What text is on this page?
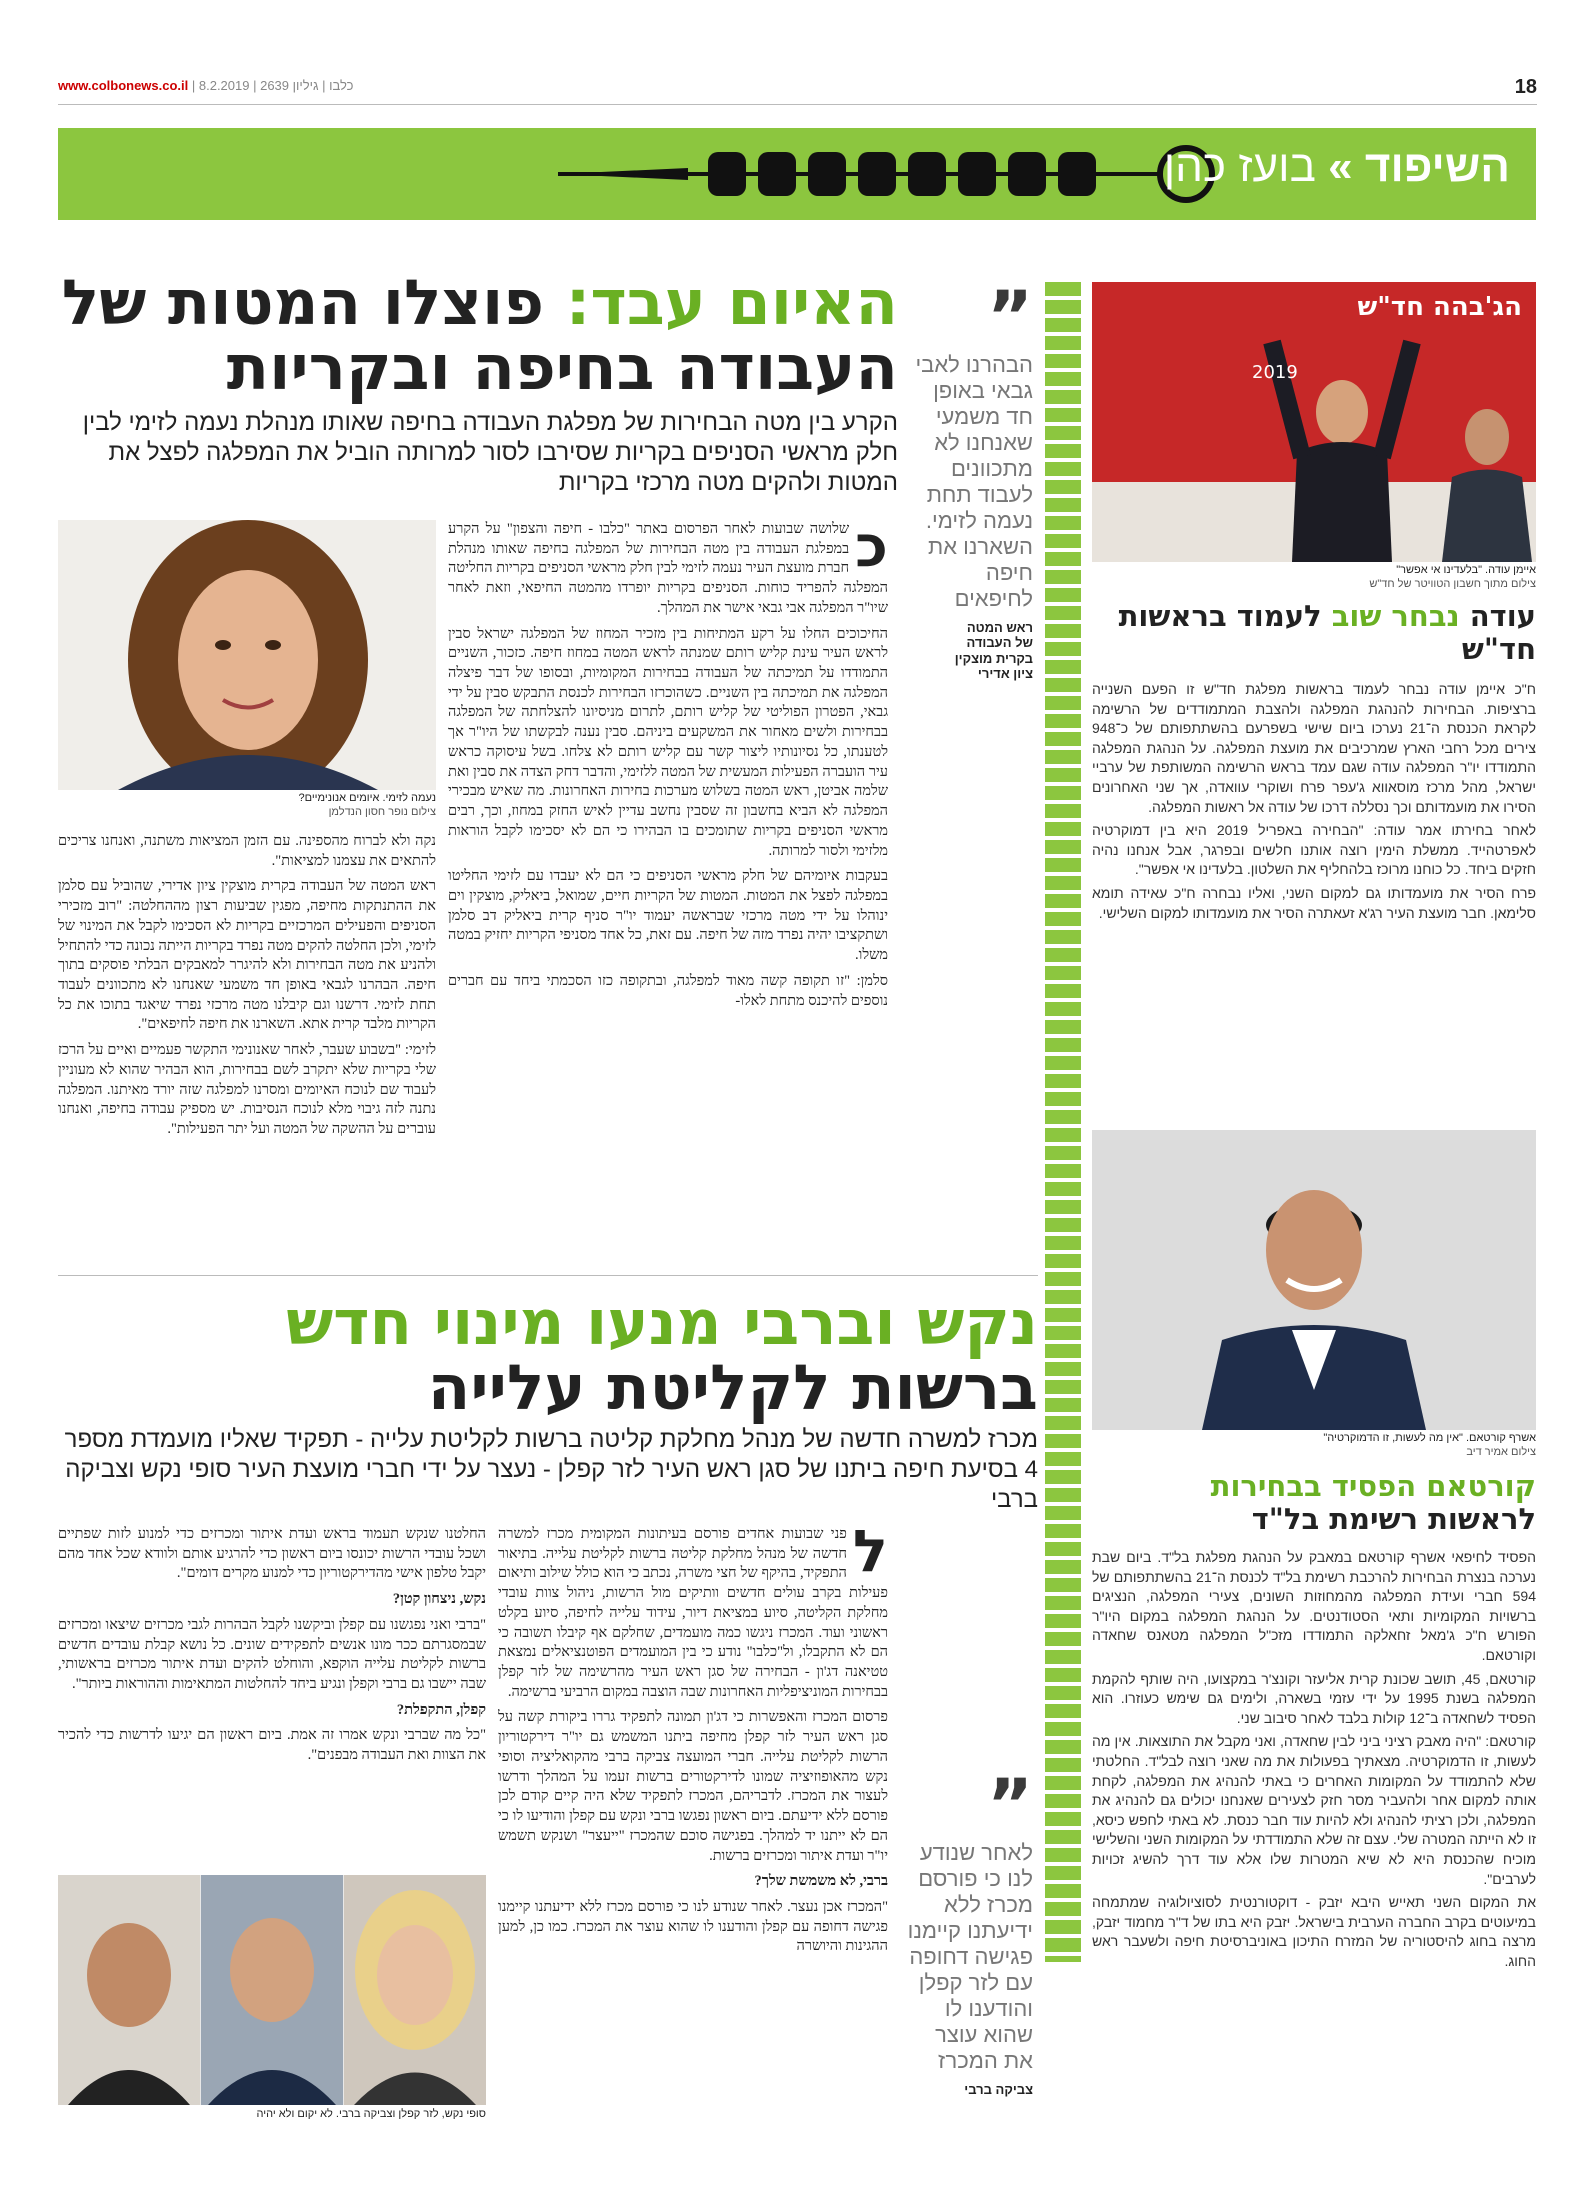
www.colbonews.co.il |	כלבו | גיליון 2639 | 8.2.2019	18
השיפוד » בועז כהן
האיום עבד: פוצלו המטות של העבודה בחיפה ובקריות
הקרע בין מטה הבחירות של מפלגת העבודה בחיפה שאותו מנהלת נעמה לזימי לבין חלק מראשי הסניפים בקריות שסירבו לסור למרותה הוביל את המפלגה לפצל את המטות ולהקים מטה מרכזי בקריות
”
הבהרנו לאבי גבאי באופן חד משמעי שאנחנו לא מתכוונים לעבוד תחת נעמה לזימי. השארנו את חיפה לחיפאים
ראש המטה
של העבודה
בקרית מוצקין
ציון אדירי
כ

שלושה שבועות לאחר הפרסום באתר "כלבו - חיפה והצפון" על הקרע במפלגת העבודה בין מטה הבחירות של המפלגה בחיפה שאותו מנהלת חברת מועצת העיר נעמה לזימי לבין חלק מראשי הסניפים בקריות החליטה המפלגה להפריד כוחות. הסניפים בקריות יופרדו מהמטה החיפאי, וזאת לאחר שיו"ר המפלגה אבי גבאי אישר את המהלך.

החיכוכים החלו על רקע המתיחות בין מזכיר המחוז של המפלגה ישראל סבין לראש העיר עינת קליש רותם שמנתה לראש המטה במחוז חיפה. כזכור, השניים התמודדו על תמיכתה של העבודה בבחירות המקומיות, ובסופו של דבר פיצלה המפלגה את תמיכתה בין השניים. כשהוכרזו הבחירות לכנסת התבקש סבין על ידי גבאי, הפטרון הפוליטי של קליש רותם, לתרום מניסיונו להצלחתה של המפלגה בבחירות ולשים מאחור את המשקעים ביניהם. סבין נענה לבקשתו של היו"ר אך לטענתו, כל נסיונותיו ליצור קשר עם קליש רותם לא צלחו. בשל עיסוקה כראש עיר הועברה הפעילות המעשית של המטה ללזימי, והדבר דחק הצדה את סבין ואת שלמה אביטן, ראש המטה בשלוש מערכות בחירות האחרונות. מה שאיש מבכירי המפלגה לא הביא בחשבון זה שסבין נחשב עדיין לאיש החזק במחוז, וכך, רבים מראשי הסניפים בקריות שתומכים בו הבהירו כי הם לא יסכימו לקבל הוראות מלזימי ולסור למרותה.

בעקבות איומיהם של חלק מראשי הסניפים כי הם לא יעבדו עם לזימי החליטו במפלגה לפצל את המטות. המטות של הקריות חיים, שמואל, ביאליק, מוצקין וים ינוהלו על ידי מטה מרכזי שבראשה יעמוד יו"ר סניף קרית ביאליק דב סלמן ושתקציבו יהיה נפרד מזה של חיפה. עם זאת, כל אחד מסניפי הקריות יחזיק במטה משלו.

סלמן: "זו תקופה קשה מאוד למפלגה, ובתקופה כזו הסכמתי ביחד עם חברים נוספים להיכנס מתחת לאלו-

נעמה לזימי. איומים אנונימיים?
צילום נופר חסון הנדלמן

נקה ולא לברוח מהספינה. עם הזמן המציאות משתנה, ואנחנו צריכים להתאים את עצמנו למציאות".

ראש המטה של העבודה בקרית מוצקין ציון אדירי, שהוביל עם סלמן את ההתנתקות מחיפה, מפגין שביעות רצון מההחלטה: "רוב מזכירי הסניפים והפעילים המרכזיים בקריות לא הסכימו לקבל את המינוי של לזימי, ולכן החלטה להקים מטה נפרד בקריות הייתה נכונה כדי להתחיל ולהניע את מטה הבחירות ולא להיגרר למאבקים הבלתי פוסקים בתוך חיפה. הבהרנו לגבאי באופן חד משמעי שאנחנו לא מתכוונים לעבוד תחת לזימי. דרשנו וגם קיבלנו מטה מרכזי נפרד שיאגד בתוכו את כל הקריות מלבד קרית אתא. השארנו את חיפה לחיפאים".

לזימי: "בשבוע שעבר, לאחר שאנונימי התקשר פעמיים ואיים על הרכז שלי בקריות שלא יתקרב לשם בבחירות, הוא הבהיר שהוא לא מעוניין לעבוד שם לנוכח האיומים ומסרנו למפלגה שזה יורד מאיתנו. המפלגה נתנה לזה גיבוי מלא לנוכח הנסיבות. יש מספיק עבודה בחיפה, ואנחנו עוברים על ההשקה של המטה ועל יתר הפעילות".

נקש וברבי מנעו מינוי חדש
ברשות לקליטת עלייה
מכרז למשרה חדשה של מנהל מחלקת קליטה ברשות לקליטת עלייה - תפקיד שאליו מועמדת מספר 4 בסיעת חיפה ביתנו של סגן ראש העיר לזר קפלן - נעצר על ידי חברי מועצת העיר סופי נקש וצביקה ברבי
ל

פני שבועות אחדים פורסם בעיתונות המקומית מכרז למשרה חדשה של מנהל מחלקת קליטה ברשות לקליטת עלייה. בתיאור התפקיד, בהיקף של חצי משרה, נכתב כי הוא כולל שילוב ותיאום פעילות בקרב עולים חדשים וותיקים מול הרשות, ניהול צוות עובדי מחלקת הקליטה, סיוע במציאת דיור, עידוד עלייה לחיפה, סיוע בקלט ראשוני ועוד. המכרז ניגשו כמה מועמדים, שחלקם אף קיבלו תשובה כי הם לא התקבלו, ול"כלבו" נודע כי בין המועמדים הפוטנציאלים נמצאת טטיאנה דג'ון - הבחירה של סגן ראש העיר מהרשימה של לזר קפלן בבחירות המוניציפליות האחרונות שבה הוצבה במקום הרביעי ברשימה.

פרסום המכרז והאפשרות כי דג'ון תמונה לתפקיד גררו ביקורת קשה על סגן ראש העיר לזר קפלן מחיפה ביתנו המשמש גם יו"ר דירקטוריון הרשות לקליטת עלייה. חברי המועצה צביקה ברבי מהקואליציה וסופי נקש מהאופוזיציה שמונו לדירקטורים ברשות זעמו על המהלך ודרשו לעצור את המכרז. לדבריהם, המכרז לתפקיד שלא היה קיים קודם לכן פורסם ללא ידיעתם. ביום ראשון נפגשו ברבי ונקש עם קפלן והודיעו לו כי הם לא ייתנו יד למהלך. בפגישה סוכם שהמכרז "ייעצר" ושנקש תשמש יו"ר ועדת איתור ומכרזים ברשות.

ברבי, לא משמשת שלך?

"המכרז אכן נעצר. לאחר שנודע לנו כי פורסם מכרז ללא ידיעתנו קיימנו פגישה דחופה עם קפלן והודענו לו שהוא עוצר את המכרז. כמו כן, למען ההגינות והיושרה

החלטנו שנקש תעמוד בראש ועדת איתור ומכרזים כדי למנוע לזות שפתיים ושכל עובדי הרשות יכונסו ביום ראשון כדי להרגיע אותם ולוודא שכל אחד מהם יקבל טלפון אישי מהדירקטוריון כדי למנוע מקרים דומים".

נקש, ניצחון קטן?

"ברבי ואני נפגשנו עם קפלן וביקשנו לקבל הבהרות לגבי מכרזים שיצאו ומכרזים שבמסגרתם ככר מונו אנשים לתפקידים שונים. כל נושא קבלת עובדים חדשים ברשות לקליטת עלייה הוקפא, והוחלט להקים ועדת איתור מכרזים בראשותי, שבה יישבו גם ברבי וקפלן ונגיע ביחד להחלטות המתאימות וההוראות ביותר".

קפלן, התקפלת?

"כל מה שברבי ונקש אמרו זה אמת. ביום ראשון הם יגיעו לדרשות כדי להכיר את הצוות ואת העבודה מבפנים".

סופי נקש, לזר קפלן וצביקה ברבי. לא יקום ולא יהיה
”
לאחר שנודע לנו כי פורסם מכרז ללא ידיעתנו קיימנו פגישה דחופה עם לזר קפלן והודענו לו שהוא עוצר את המכרז
צביקה ברבי
הג'בהה חד"ש
2019
איימן עודה. "בלעדינו אי אפשר"
צילום מתוך חשבון הטוויטר של חד"ש
עודה נבחר שוב לעמוד בראשות חד"ש

ח"כ איימן עודה נבחר לעמוד בראשות מפלגת חד"ש זו הפעם השנייה ברציפות. הבחירות להנהגת המפלגה ולהצבת המתמודדים של הרשימה לקראת הכנסת ה־21 נערכו ביום שישי בשפרעם בהשתתפותם של כ־948 צירים מכל רחבי הארץ שמרכיבים את מועצת המפלגה. על הנהגת המפלגה התמודדו יו"ר המפלגה עודה שגם עמד בראש הרשימה המשותפת של ערביי ישראל, מהל מרכז מוסאווא ג'עפר פרח ושוקרי עוואדה, אך שני האחרונים הסירו את מועמדותם וכך נסללה דרכו של עודה אל ראשות המפלגה.

לאחר בחירתו אמר עודה: "הבחירה באפריל 2019 היא בין דמוקרטיה לאפרטהייד. ממשלת הימין רוצה אותנו חלשים ובפרגר, אבל אנחנו נהיה חזקים ביחד. כל כוחנו מרוכז בלהחליף את השלטון. בלעדינו אי אפשר".

פרח הסיר את מועמדותו גם למקום השני, ואליו נבחרה ח"כ עאידה תומא סלימאן. חבר מועצת העיר רג'א זעאתרה הסיר את מועמדותו למקום השלישי.

אשרף קורטאם. "אין מה לעשות, זו הדמוקרטיה"
צילום אמיר דיב
קורטאם הפסיד בבחירות
לראשות רשימת בל"ד

הפסיד לחיפאי אשרף קורטאם במאבק על הנהגת מפלגת בל"ד. ביום שבת נערכה בנצרת הבחירות להרכבת רשימת בל"ד לכנסת ה־21 בהשתתפותם של 594 חברי ועידת המפלגה מהמחוזות השונים, צעירי המפלגה, הנציגים ברשויות המקומיות ותאי הסטודנטים. על הנהגת המפלגה במקום היו"ר הפורש ח"כ ג'מאל זחאלקה התמודדו מזכ"ל המפלגה מטאנס שחאדה וקורטאם.

קורטאם, 45, תושב שכונת קרית אליעזר וקונצ'ר במקצועו, היה שותף להקמת המפלגה בשנת 1995 על ידי עזמי בשארה, ולימים גם שימש כעוזרו. הוא הפסיד לשחאדה ב־12 קולות בלבד לאחר סיבוב שני.

קורטאם: "היה מאבק רציני ביני לבין שחאדה, ואני מקבל את התוצאות. אין מה לעשות, זו הדמוקרטיה. מצאתיך בפעולות את מה שאני רוצה לבל"ד. החלטתי שלא להתמודד על המקומות האחרים כי באתי להנהיג את המפלגה, לקחת אותה למקום אחר ולהעביר מסר חזק לצעירים שאנחנו יכולים גם להנהיג את המפלגה, ולכן רציתי להנהיג ולא להיות עוד חבר כנסת. לא באתי לחפש כיסא, זו לא הייתה המטרה שלי. עצם זה שלא התמודדתי על המקומות השני והשלישי מוכיח שהכנסת היא לא שיא המטרות שלו אלא עוד דרך להשיג זכויות לערבים".

את המקום השני תאייש היבא יזבק - דוקטורנטית לסוציולוגיה שמתמחה במיעוטים בקרב החברה הערבית בישראל. יזבק היא בתו של ד"ר מחמוד יזבק, מרצה בחוג להיסטוריה של המזרח התיכון באוניברסיטת חיפה ולשעבר ראש החוג.
